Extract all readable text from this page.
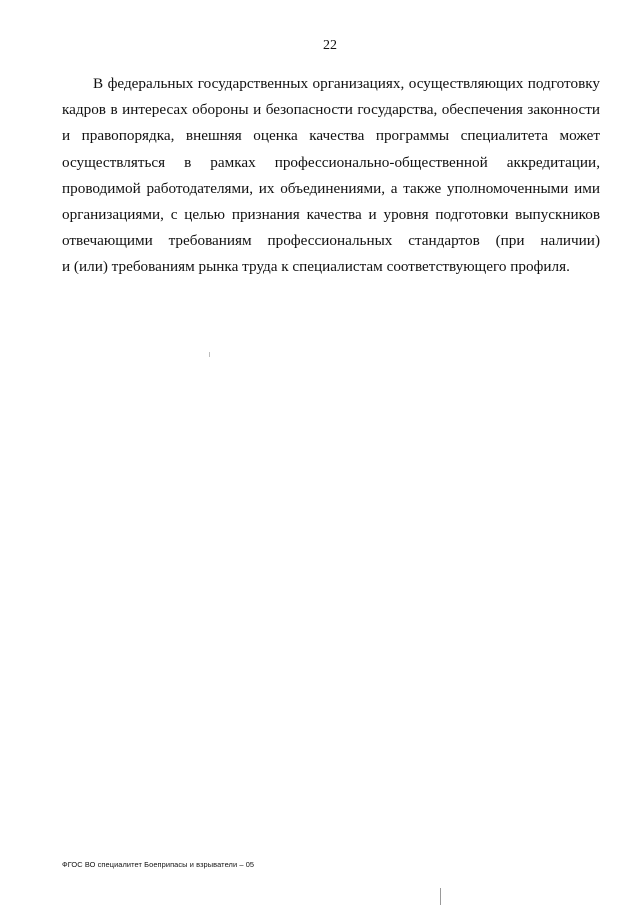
22
В федеральных государственных организациях, осуществляющих подготовку
кадров в интересах обороны и безопасности государства, обеспечения законности
и правопорядка, внешняя оценка качества программы специалитета может
осуществляться в рамках профессионально-общественной аккредитации,
проводимой работодателями, их объединениями, а также уполномоченными ими
организациями, с целью признания качества и уровня подготовки выпускников
отвечающими требованиям профессиональных стандартов (при наличии)
и (или) требованиям рынка труда к специалистам соответствующего профиля.
ФГОС ВО специалитет Боеприпасы и взрыватели – 05
